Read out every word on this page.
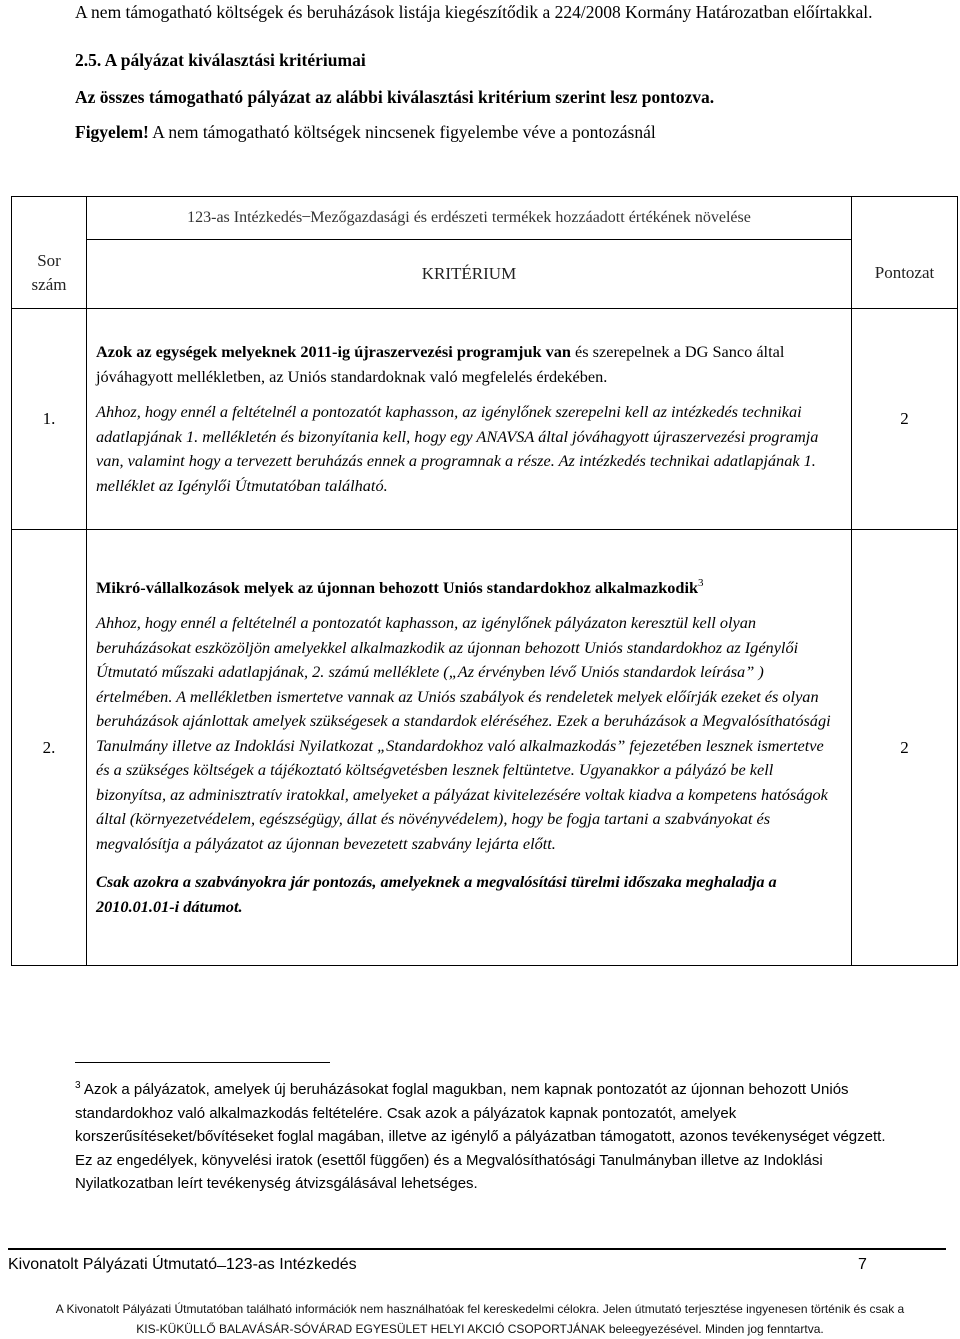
A nem támogatható költségek és beruházások listája kiegészítődik a 224/2008 Kormány Határozatban előírtakkal.

2.5. A pályázat kiválasztási kritériumai

Az összes támogatható pályázat az alábbi kiválasztási kritérium szerint lesz pontozva.

Figyelem! A nem támogatható költségek nincsenek figyelembe véve a pontozásnál

Sor szám	123-as Intézkedés ̶ Mezőgazdasági és erdészeti termékek hozzáadott értékének növelése	Pontozat

	KRITÉRIUM	
1.	Azok az egységek melyeknek 2011-ig újraszervezési programjuk van és szerepelnek a DG Sanco által jóváhagyott mellékletben, az Uniós standardoknak való megfelelés érdekében.

Ahhoz, hogy ennél a feltételnél a pontozatót kaphasson, az igénylőnek szerepelni kell az intézkedés technikai adatlapjának 1. mellékletén és bizonyítania kell, hogy egy ANAVSA által jóváhagyott újraszervezési programja van, valamint hogy a tervezett beruházás ennek a programnak a része. Az intézkedés technikai adatlapjának 1. melléklet az Igénylői Útmutatóban található.	2
2.	Mikró-vállalkozások melyek az újonnan behozott Uniós standardokhoz alkalmazkodik$^3$

Ahhoz, hogy ennél a feltételnél a pontozatót kaphasson, az igénylőnek pályázaton keresztül kell olyan beruházásokat eszközöljön amelyekkel alkalmazkodik az újonnan behozott Uniós standardokhoz az Igénylői Útmutató műszaki adatlapjának, 2. számú melléklete („Az érvényben lévő Uniós standardok leírása” ) értelmében. A mellékletben ismertetve vannak az Uniós szabályok és rendeletek melyek előírják ezeket és olyan beruházások ajánlottak amelyek szükségesek a standardok eléréséhez. Ezek a beruházások a Megvalósíthatósági Tanulmány illetve az Indoklási Nyilatkozat „Standardokhoz való alkalmazkodás” fejezetében lesznek ismertetve és a szükséges költségek a tájékoztató költségvetésben lesznek feltüntetve. Ugyanakkor a pályázó be kell bizonyítsa, az adminisztratív iratokkal, amelyeket a pályázat kivitelezésére voltak kiadva a kompetens hatóságok által (környezetvédelem, egészségügy, állat és növényvédelem), hogy be fogja tartani a szabványokat és megvalósítja a pályázatot az újonnan bevezetett szabvány lejárta előtt.

Csak azokra a szabványokra jár pontozás, amelyeknek a megvalósítási türelmi időszaka meghaladja a 2010.01.01-i dátumot.	2
$^3$ Azok a pályázatok, amelyek új beruházásokat foglal magukban, nem kapnak pontozatót az újonnan behozott Uniós standardokhoz való alkalmazkodás feltételére. Csak azok a pályázatok kapnak pontozatót, amelyek korszerűsítéseket/bővítéseket foglal magában, illetve az igénylő a pályázatban támogatott, azonos tevékenységet végzett. Ez az engedélyek, könyvelési iratok (esettől függően) és a Megvalósíthatósági Tanulmányban illetve az Indoklási Nyilatkozatban leírt tevékenység átvizsgálásával lehetséges.
Kivonatolt Pályázati Útmutató ̶ 123-as Intézkedés	7
A Kivonatolt Pályázati Útmutatóban található információk nem használhatóak fel kereskedelmi célokra. Jelen útmutató terjesztése ingyenesen történik és csak a
KIS-KÜKÜLLŐ BALAVÁSÁR-SÓVÁRAD EGYESÜLET HELYI AKCIÓ CSOPORTJÁNAK beleegyezésével. Minden jog fenntartva.
